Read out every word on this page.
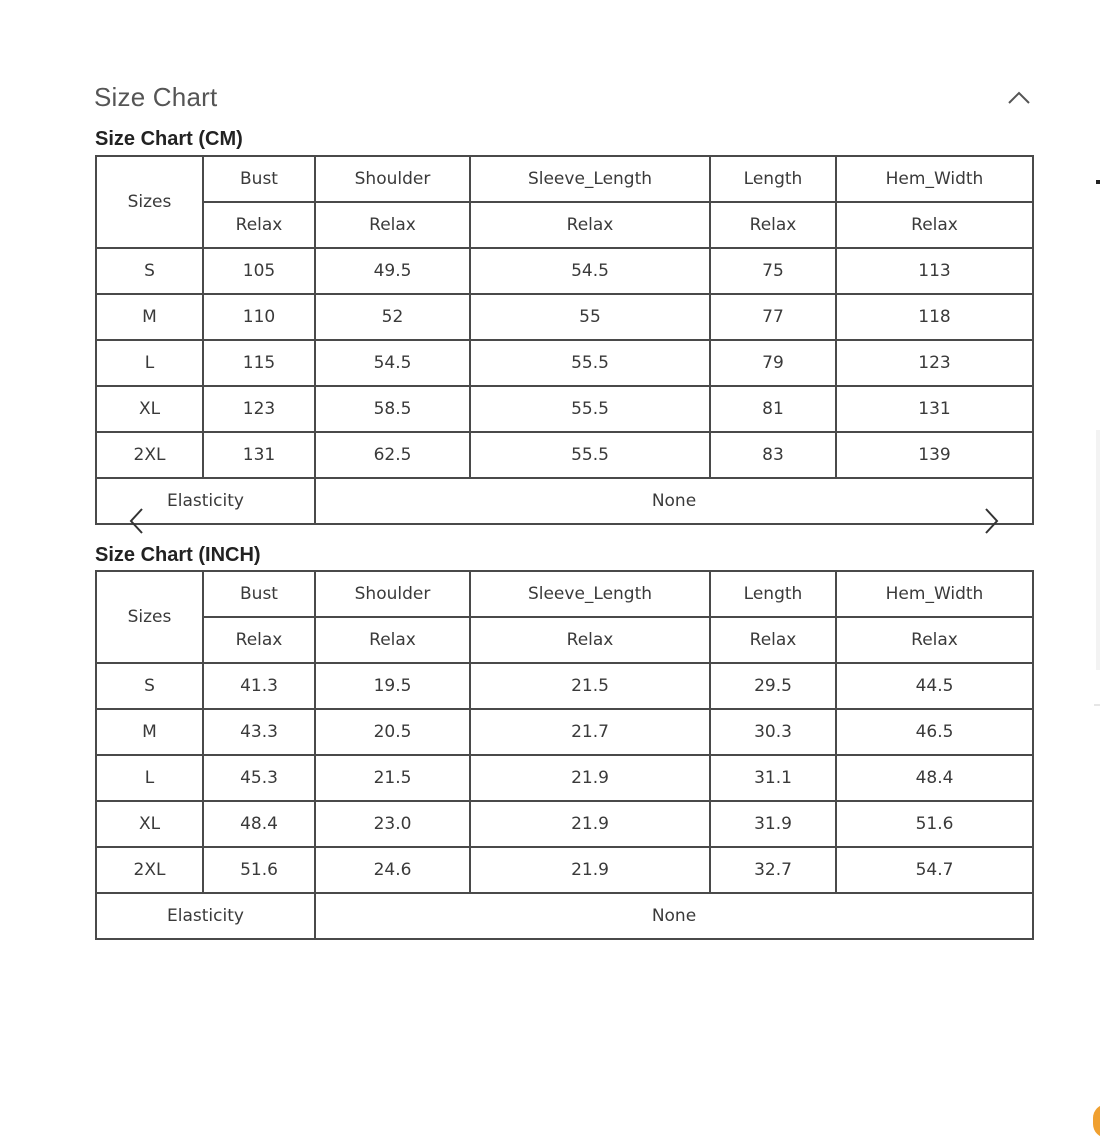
Size Chart
Size Chart (CM)
Sizes	Bust	Shoulder	Sleeve_Length	Length	Hem_Width
	Relax	Relax	Relax	Relax	Relax
S	105	49.5	54.5	75	113
M	110	52	55	77	118
L	115	54.5	55.5	79	123
XL	123	58.5	55.5	81	131
2XL	131	62.5	55.5	83	139
Elasticity		None			
Size Chart (INCH)
Sizes	Bust	Shoulder	Sleeve_Length	Length	Hem_Width
	Relax	Relax	Relax	Relax	Relax
S	41.3	19.5	21.5	29.5	44.5
M	43.3	20.5	21.7	30.3	46.5
L	45.3	21.5	21.9	31.1	48.4
XL	48.4	23.0	21.9	31.9	51.6
2XL	51.6	24.6	21.9	32.7	54.7
Elasticity		None			
